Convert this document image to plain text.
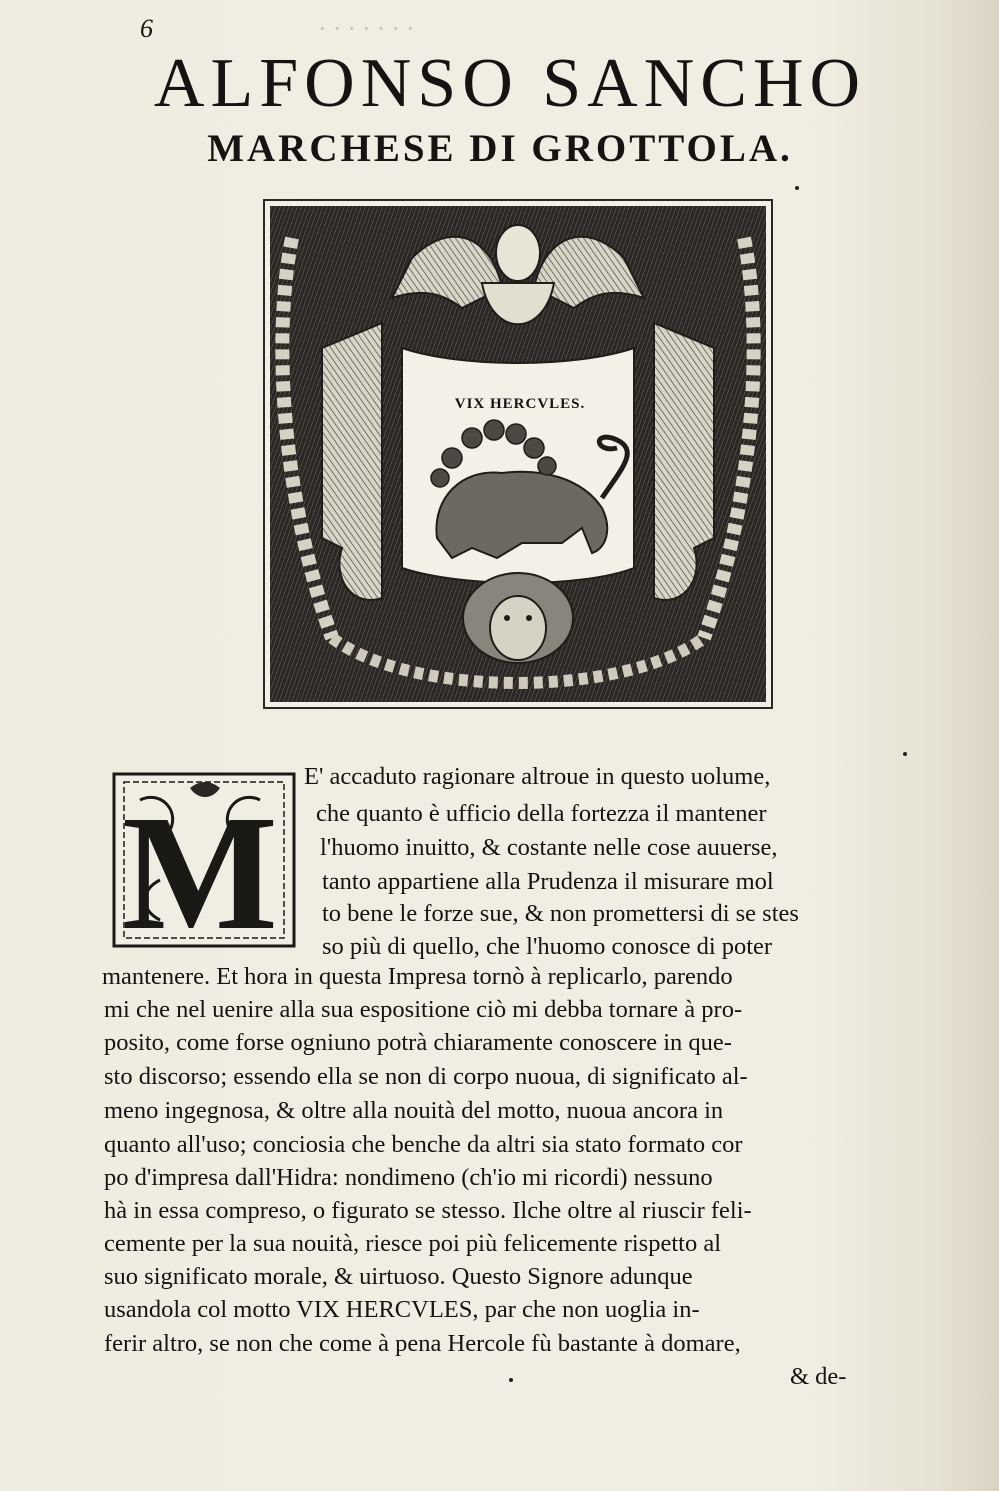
6	·······
ALFONSO SANCHO
MARCHESE DI GROTTOLA.
VIX HERCVLES.
M
E' accaduto ragionare altroue in questo uolume,
che quanto è ufficio della fortezza il mantener
l'huomo inuitto, & costante nelle cose auuerse,
tanto appartiene alla Prudenza il misurare mol
to bene le forze sue, & non promettersi di se stes
so più di quello, che l'huomo conosce di poter
mantenere. Et hora in questa Impresa tornò à replicarlo, parendo
mi che nel uenire alla sua espositione ciò mi debba tornare à pro-
posito, come forse ogniuno potrà chiaramente conoscere in que-
sto discorso; essendo ella se non di corpo nuoua, di significato al-
meno ingegnosa, & oltre alla nouità del motto, nuoua ancora in
quanto all'uso; conciosia che benche da altri sia stato formato cor
po d'impresa dall'Hidra: nondimeno (ch'io mi ricordi) nessuno
hà in essa compreso, o figurato se stesso. Ilche oltre al riuscir feli-
cemente per la sua nouità, riesce poi più felicemente rispetto al
suo significato morale, & uirtuoso. Questo Signore adunque
usandola col motto VIX HERCVLES, par che non uoglia in-
ferir altro, se non che come à pena Hercole fù bastante à domare,
& de-
